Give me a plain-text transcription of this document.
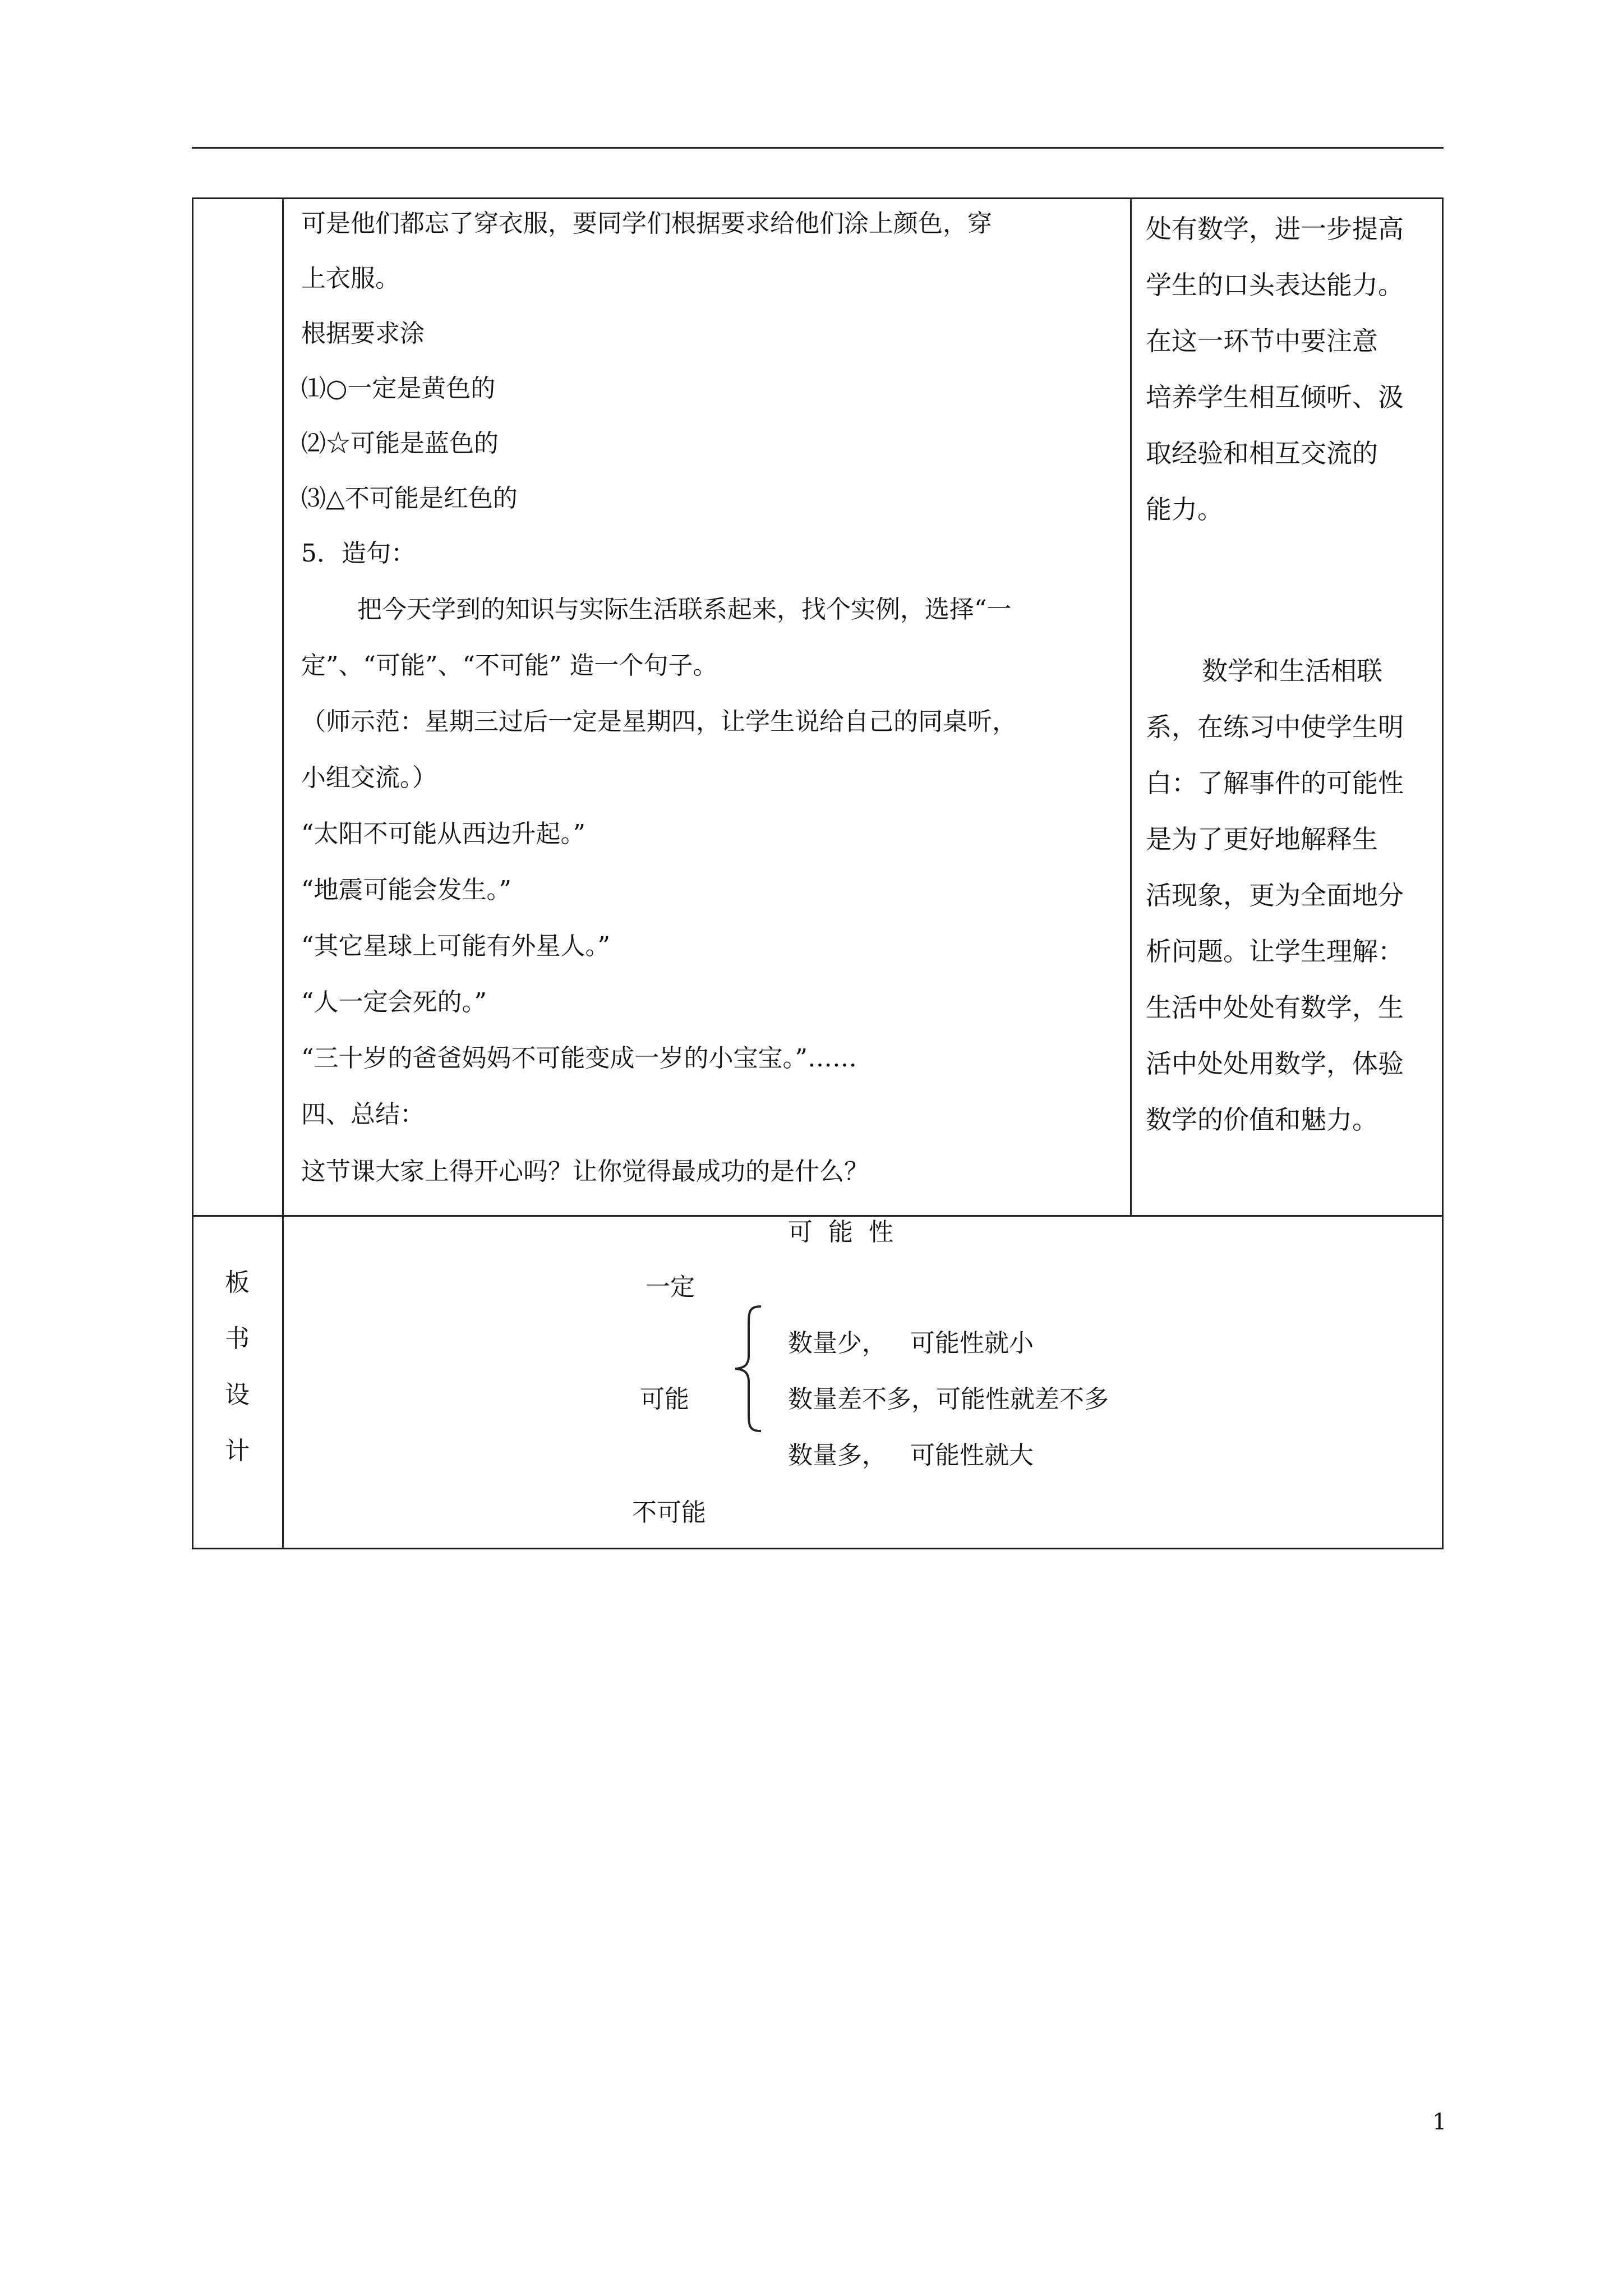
可是他们都忘了穿衣服，要同学们根据要求给他们涂上颜色，穿
上衣服。
根据要求涂
⑴○一定是黄色的
⑵☆可能是蓝色的
⑶△不可能是红色的
5．造句：
把今天学到的知识与实际生活联系起来，找个实例，选择“一
定”、“可能”、“不可能” 造一个句子。
（师示范：星期三过后一定是星期四，让学生说给自己的同桌听，
小组交流。）
“太阳不可能从西边升起。”
“地震可能会发生。”
“其它星球上可能有外星人。”
“人一定会死的。”
“三十岁的爸爸妈妈不可能变成一岁的小宝宝。”……
四、总结：
这节课大家上得开心吗？让你觉得最成功的是什么？
处有数学，进一步提高
学生的口头表达能力。
在这一环节中要注意
培养学生相互倾听、汲
取经验和相互交流的
能力。
数学和生活相联
系，在练习中使学生明
白：了解事件的可能性
是为了更好地解释生
活现象，更为全面地分
析问题。让学生理解：
生活中处处有数学，生
活中处处用数学，体验
数学的价值和魅力。
板
书
设
计
可  能  性
一定
可能
不可能
数量少，   可能性就小
数量差不多，可能性就差不多
数量多，   可能性就大
1
